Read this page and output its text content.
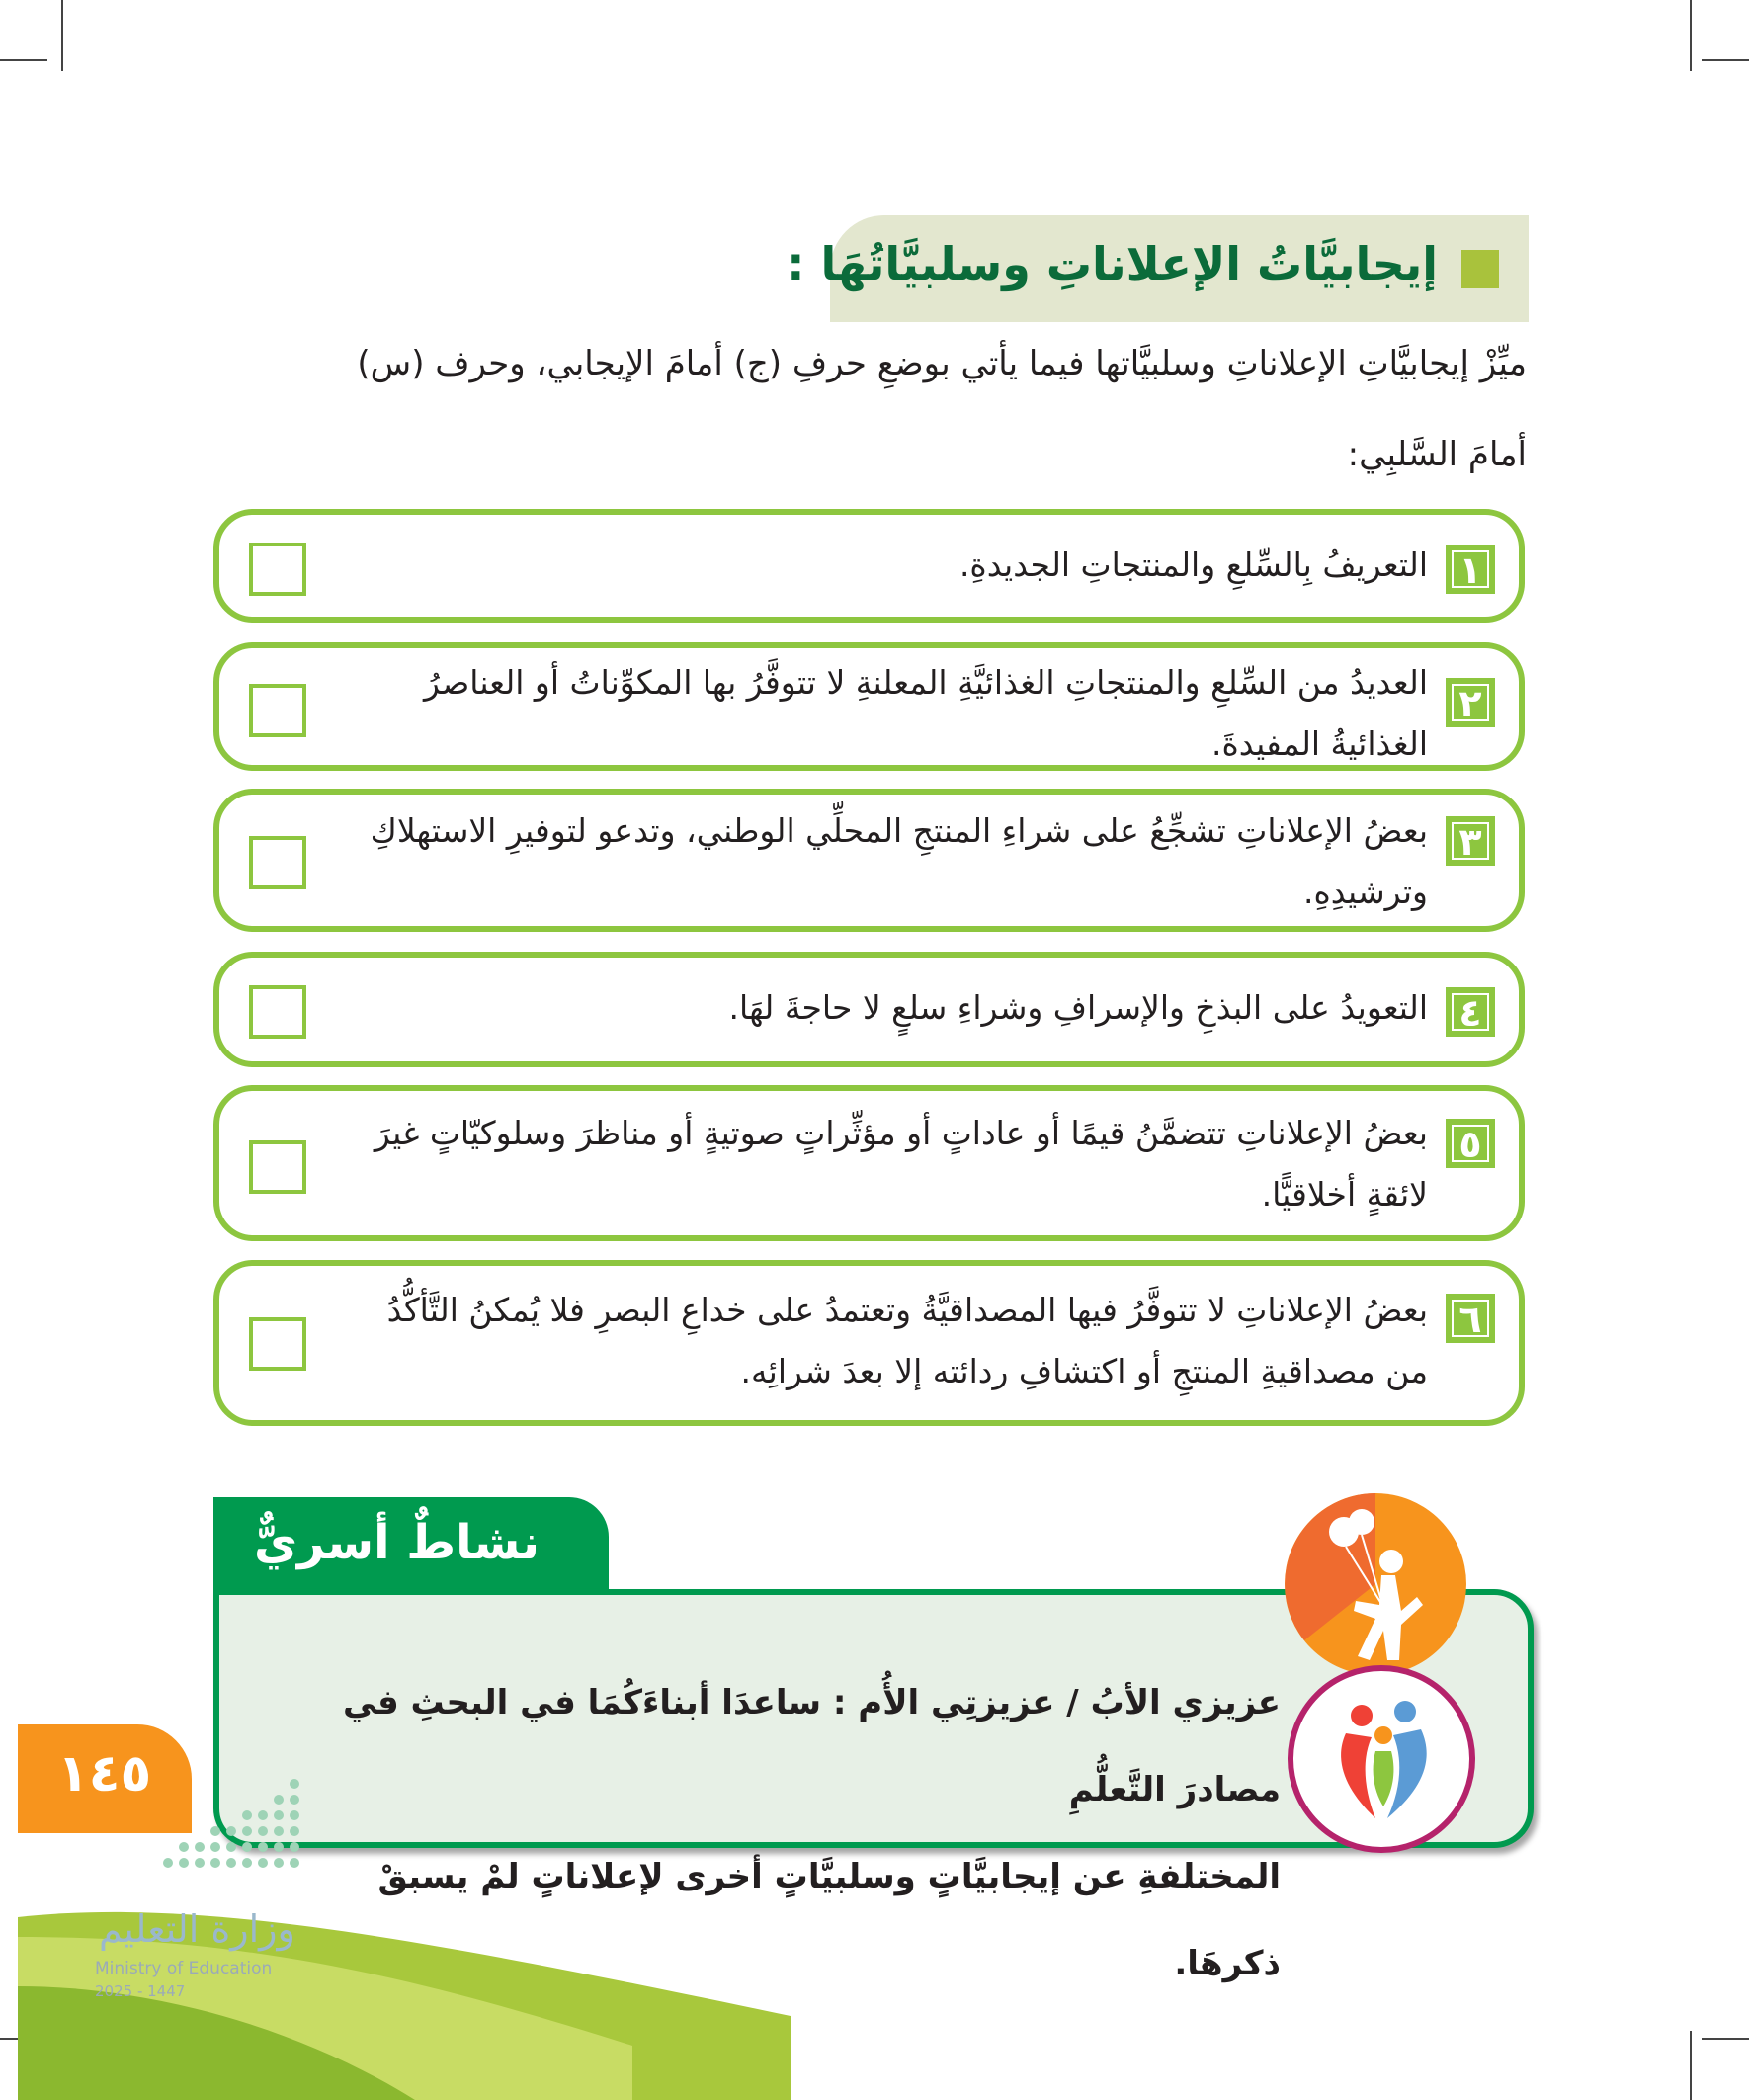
إيجابيَّاتُ الإعلاناتِ وسلبيَّاتُهَا :
ميِّزْ إيجابيَّاتِ الإعلاناتِ وسلبيَّاتها فيما يأتي بوضعِ حرفِ (ج) أمامَ الإيجابي، وحرف (س)
أمامَ السَّلبِي:
١
التعريفُ بِالسِّلعِ والمنتجاتِ الجديدةِ.
٢
العديدُ من السِّلعِ والمنتجاتِ الغذائيَّةِ المعلنةِ لا تتوفَّرُ بها المكوِّناتُ أو العناصرُ الغذائيةُ المفيدةَ.
٣
بعضُ الإعلاناتِ تشجِّعُ على شراءِ المنتجِ المحلِّي الوطني، وتدعو لتوفيرِ الاستهلاكِ وترشيدِهِ.
٤
التعويدُ على البذخِ والإسرافِ وشراءِ سلعٍ لا حاجةَ لهَا.
٥
بعضُ الإعلاناتِ تتضمَّنُ قيمًا أو عاداتٍ أو مؤثِّراتٍ صوتيةٍ أو مناظرَ وسلوكيّاتٍ غيرَ لائقةٍ أخلاقيًّا.
٦
بعضُ الإعلاناتِ لا تتوفَّرُ فيها المصداقيَّةُ وتعتمدُ على خداعِ البصرِ فلا يُمكنُ التَّأكُّدُ من مصداقيةِ المنتجِ أو اكتشافِ ردائته إلا بعدَ شرائِه.
نشاطٌ أسريٌّ
عزيزي الأبُ / عزيزتِي الأُم : ساعدَا أبناءَكُمَا في البحثِ في مصادرَ التَّعلُّمِ
المختلفةِ عن إيجابيَّاتٍ وسلبيَّاتٍ أخرى لإعلاناتٍ لمْ يسبقْ ذكرهَا.
١٤٥
وزارة التعليم
Ministry of Education
2025 - 1447
